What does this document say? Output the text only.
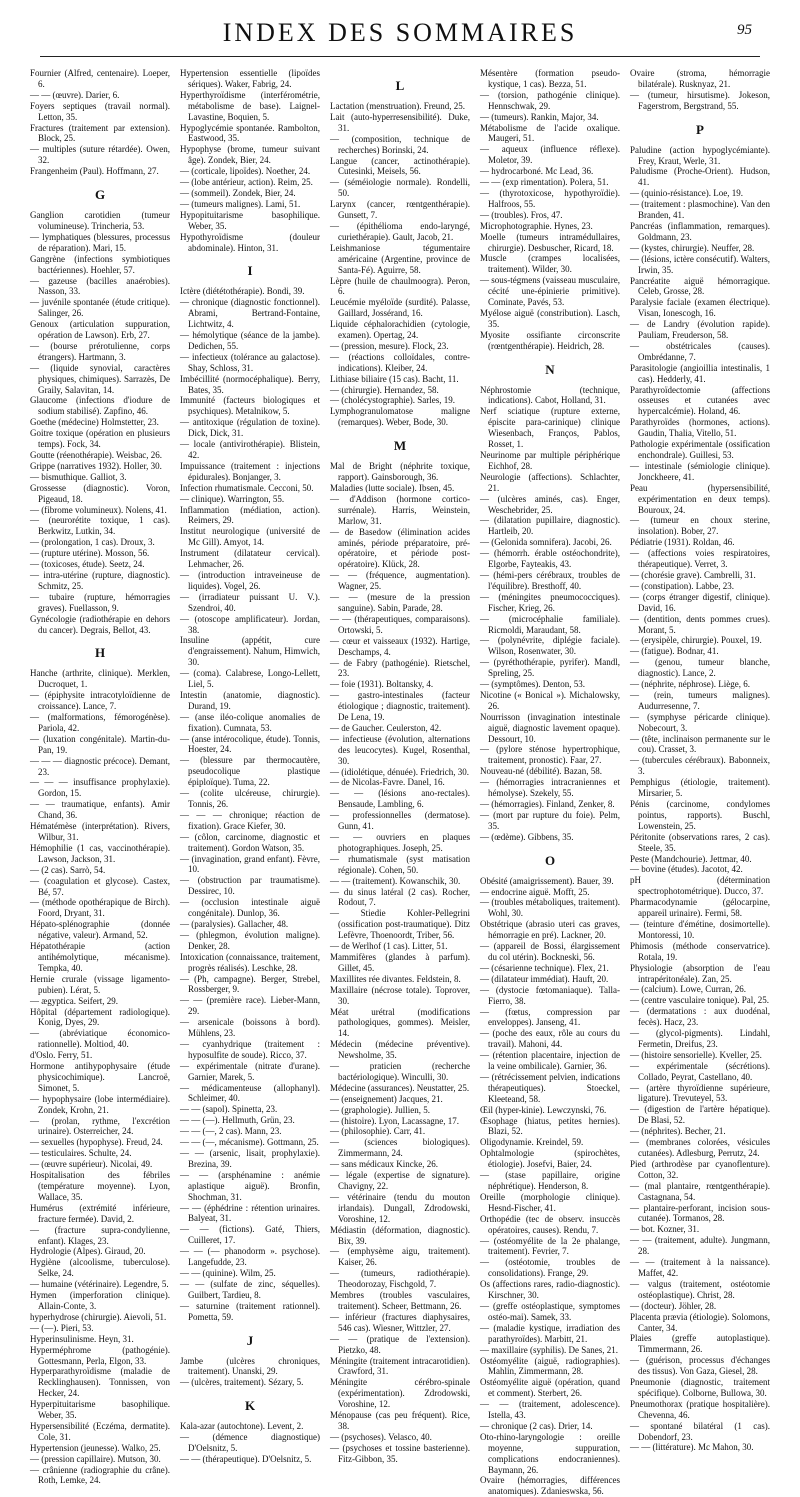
INDEX DES SOMMAIRES	95

Fournier (Alfred, centenaire). Loeper, 6.

— — (œuvre). Darier, 6.

Foyers septiques (travail normal). Letton, 35.

Fractures (traitement par extension). Block, 25.

— multiples (suture rétardée). Owen, 32.

Frangenheim (Paul). Hoffmann, 27.

G

Ganglion carotidien (tumeur volumineuse). Trincheria, 53.

— lymphatiques (blessures, processus de réparation). Mari, 15.

Gangrène (infections symbiotiques bactériennes). Hoehler, 57.

— gazeuse (bacilles anaérobies). Nasson, 33.

— juvénile spontanée (étude critique). Salinger, 26.

Genoux (articulation suppuration, opération de Lawson). Erb, 27.

— (bourse prérotulienne, corps étrangers). Hartmann, 3.

— (liquide synovial, caractères physiques, chimiques). Sarrazès, De Graily, Salavitan, 14.

Glaucome (infections d'iodure de sodium stabilisé). Zapfino, 46.

Goethe (médecine) Holmstetter, 23.

Goitre toxique (opération en plusieurs temps). Fock, 34.

Goutte (réenothérapie). Weisbac, 26.

Grippe (narratives 1932). Holler, 30.

— bismuthique. Galliot, 3.

Grossesse (diagnostic). Voron, Pigeaud, 18.

— (fibrome volumineux). Nolens, 41.

— (neurorétite toxique, 1 cas). Berkwitz, Lutkin, 34.

— (prolongation, 1 cas). Droux, 3.

— (rupture utérine). Mosson, 56.

— (toxicoses, étude). Seetz, 24.

— intra-utérine (rupture, diagnostic). Schmitz, 25.

— tubaire (rupture, hémorragies graves). Fuellasson, 9.

Gynécologie (radiothérapie en dehors du cancer). Degrais, Bellot, 43.

H

Hanche (arthrite, clinique). Merklen, Ducroquet, 1.

— (épiphysite intracotyloïdienne de croissance). Lance, 7.

— (malformations, fémorogénèse). Pariola, 42.

— (luxation congénitale). Martin-du-Pan, 19.

— — — diagnostic précoce). Demant, 23.

— — — insuffisance prophylaxie). Gordon, 15.

— — traumatique, enfants). Amir Chand, 36.

Hématémèse (interprétation). Rivers, Wilbur, 31.

Hémophilie (1 cas, vaccinothérapie). Lawson, Jackson, 31.

— (2 cas). Sarrò, 54.

— (coagulation et glycose). Castex, Bé, 57.

— (méthode opothérapique de Birch). Foord, Dryant, 31.

Hépato-splénographie (donnée négative, valeur). Armand, 52.

Hépatothérapie (action antihémolytique, mécanisme). Tempka, 40.

Hernie crurale (vissage ligamento-pubien). Lérat, 5.

— ægyptica. Seifert, 29.

Hôpital (département radiologique). Konig, Dyes, 29.

— (abréviatique économico-rationnelle). Moltiod, 40.

d'Oslo. Ferry, 51.

Hormone antihypophysaire (étude physicochimique). Lancroë, Simonet, 5.

— hypophysaire (lobe intermédiaire). Zondek, Krohn, 21.

— (prolan, rythme, l'excrétion urinaire). Osterreicher, 24.

— sexuelles (hypophyse). Freud, 24.

— testiculaires. Schulte, 24.

— (œuvre supérieur). Nicolai, 49.

Hospitalisation des fébriles (température moyenne). Lyon, Wallace, 35.

Humérus (extrémité inférieure, fracture fermée). David, 2.

— (fracture supra-condylienne, enfant). Klages, 23.

Hydrologie (Alpes). Giraud, 20.

Hygiène (alcoolisme, tuberculose). Selke, 24.

— humaine (vétérinaire). Legendre, 5.

Hymen (imperforation clinique). Allain-Conte, 3.

hyperhydrose (chirurgie). Aievoli, 51.

— (—). Pieri, 53.

Hyperinsulinisme. Heyn, 31.

Hyperméphrome (pathogénie). Gottesmann, Perla, Elgon, 33.

Hyperparathyroïdisme (maladie de Recklinghausen). Tonnissen, von Hecker, 24.

Hyperpituitarisme basophilique. Weber, 35.

Hypersensibilité (Eczéma, dermatite). Cole, 31.

Hypertension (jeunesse). Walko, 25.

— (pression capillaire). Mutson, 30.

— crânienne (radiographie du crâne). Roth, Lemke, 24.

Hypertension essentielle (lipoïdes sériques). Waker, Fabrig, 24.

Hyperthyroïdisme (interférométrie, métabolisme de base). Laignel-Lavastine, Boquien, 5.

Hypoglycémie spontanée. Rambolton, Eastwood, 35.

Hypophyse (brome, tumeur suivant âge). Zondek, Bier, 24.

— (corticale, lipoïdes). Noether, 24.

— (lobe antérieur, action). Reim, 25.

— (sommeil). Zondek, Bier, 24.

— (tumeurs malignes). Lami, 51.

Hypopituitarisme basophilique. Weber, 35.

Hypothyroïdisme (douleur abdominale). Hinton, 31.

I

Ictère (diététothérapie). Bondi, 39.

— chronique (diagnostic fonctionnel). Abrami, Bertrand-Fontaine, Lichtwitz, 4.

— hémolytique (séance de la jambe). Dedichen, 55.

— infectieux (tolérance au galactose). Shay, Schloss, 31.

Imbécillité (normocéphalique). Berry, Bates, 35.

Immunité (facteurs biologiques et psychiques). Metalnikow, 5.

— antitoxique (régulation de toxine). Dick, Dick, 31.

— locale (antivirothérapie). Blistein, 42.

Impuissance (traitement : injections épidurales). Bonjanger, 3.

Infection rhumatismale. Cecconi, 50.

— clinique). Warrington, 55.

Inflammation (médiation, action). Reimers, 29.

Institut neurologique (université de Mc Gill). Amyot, 14.

Instrument (dilatateur cervical). Lehmacher, 26.

— (introduction intraveineuse de liquides). Vogel, 26.

— (irradiateur puissant U. V.). Szendroi, 40.

— (otoscope amplificateur). Jordan, 38.

Insuline (appétit, cure d'engraissement). Nahum, Himwich, 30.

— (coma). Calabrese, Longo-Lellett, Liel, 5.

Intestin (anatomie, diagnostic). Durand, 19.

— (anse iléo-colique anomalies de fixation). Cumnata, 53.

— (anse intérocolique, étude). Tonnis, Hoester, 24.

— (blessure par thermocautère, pseudocolique plastique épiploïque). Tuma, 22.

— (colite ulcéreuse, chirurgie). Tonnis, 26.

— — — chronique; réaction de fixation). Grace Kiefer, 30.

— (côlon, carcinome, diagnostic et traitement). Gordon Watson, 35.

— (invagination, grand enfant). Fèvre, 10.

— (obstruction par traumatisme). Dessirec, 10.

— (occlusion intestinale aiguë congénitale). Dunlop, 36.

— (paralysies). Gallacher, 48.

— (phlegmon, évolution maligne). Denker, 28.

Intoxication (connaissance, traitement, progrès réalisés). Leschke, 28.

— (Ph, campagne). Berger, Strebel, Rossberger, 9.

— — (première race). Lieber-Mann, 29.

— arsenicale (boissons à bord). Mühlens, 23.

— cyanhydrique (traitement : hyposulfite de soude). Ricco, 37.

— expérimentale (nitrate d'urane). Garnier, Marek, 5.

— médicamenteuse (allophanyl). Schleimer, 40.

— — (sapol). Spinetta, 23.

— — (—). Hellmuth, Grün, 23.

— — (—, 2 cas). Mann, 23.

— — (—, mécanisme). Gottmann, 25.

— — (arsenic, lisait, prophylaxie). Brezina, 39.

— — (arsphénamine : anémie aplastique aiguë). Bronfin, Shochman, 31.

— — (éphédrine : rétention urinaires. Balyeat, 31.

— — (fictions). Gaté, Thiers, Cuilleret, 17.

— — (— phanodorm ». psychose). Langefudde, 23.

— — (quinine). Wilm, 25.

— — (sulfate de zinc, séquelles). Guilbert, Tardieu, 8.

— saturnine (traitement rationnel). Pometta, 59.

J

Jambe (ulcères chroniques, traitement). Unanski, 29.

— (ulcères, traitement). Sézary, 5.

K

Kala-azar (autochtone). Levent, 2.

— (démence diagnostique) D'Oelsnitz, 5.

— — (thérapeutique). D'Oelsnitz, 5.

L

Lactation (menstruation). Freund, 25.

Lait (auto-hyperresensibilité). Duke, 31.

— (composition, technique de recherches) Borinski, 24.

Langue (cancer, actinothérapie). Cutesinki, Meisels, 56.

— (séméiologie normale). Rondelli, 50.

Larynx (cancer, rœntgenthérapie). Gunsett, 7.

— (épithélioma endo-laryngé, curiethérapie). Gault, Jacob, 21.

Leishmaniose tégumentaire américaine (Argentine, province de Santa-Fé). Aguirre, 58.

Lèpre (huile de chaulmoogra). Peron, 6.

Leucémie myéloïde (surdité). Palasse, Gaillard, Jossérand, 16.

Liquide céphalorachidien (cytologie, examen). Opertag, 24.

— (pression, mesure). Flock, 23.

— (réactions colloïdales, contre-indications). Kleiber, 24.

Lithiase biliaire (15 cas). Bacht, 11.

— (chirurgie). Hernandez, 58.

— (cholécystographie). Sarles, 19.

Lymphogranulomatose maligne (remarques). Weber, Bode, 30.

M

Mal de Bright (néphrite toxique, rapport). Gainsborough, 36.

Maladies (lutte sociale). Ibsen, 45.

— d'Addison (hormone cortico-surrénale). Harris, Weinstein, Marlow, 31.

— de Basedow (élimination acides aminés, période préparatoire, pré-opératoire, et période post-opératoire). Klück, 28.

— — (fréquence, augmentation). Wagner, 25.

— — (mesure de la pression sanguine). Sabin, Parade, 28.

— — (thérapeutiques, comparaisons). Ortowski, 5.

— cœur et vaisseaux (1932). Hartige, Deschamps, 4.

— de Fabry (pathogénie). Rietschel, 23.

— foie (1931). Boltansky, 4.

— gastro-intestinales (facteur étiologique ; diagnostic, traitement). De Lena, 19.

— de Gaucher. Ceulerston, 42.

— infectieuse (évolution, alternations des leucocytes). Kugel, Rosenthal, 30.

— (idiolétique, dénuée). Friedrich, 30.

— de Nicolas-Favre. Danel, 16.

— — (lésions ano-rectales). Bensaude, Lambling, 6.

— professionnelles (dermatose). Gunn, 41.

— — ouvriers en plaques photographiques. Joseph, 25.

— rhumatismale (syst matisation régionale). Cohen, 50.

— — (traitement). Kowanschik, 30.

— du sinus latéral (2 cas). Rocher, Rodout, 7.

— Stiedie Kohler-Pellegrini (ossification post-traumatique). Ditz Lefèvre, Thoenoordt, Triber, 56.

— de Werlhof (1 cas). Litter, 51.

Mammifères (glandes à parfum). Gillet, 45.

Maxillites rée divantes. Feldstein, 8.

Maxillaire (nécrose totale). Toprover, 30.

Méat urétral (modifications pathologiques, gommes). Meisler, 14.

Médecin (médecine préventive). Newsholme, 35.

— praticien (recherche bactériologique). Winculli, 30.

Médecine (assurances). Neustatter, 25.

— (enseignement) Jacques, 21.

— (graphologie). Jullien, 5.

— (histoire). Lyon, Lacassagne, 17.

— (philosophie). Carr, 41.

— (sciences biologiques). Zimmermann, 24.

— sans médicaux Kincke, 26.

— légale (expertise de signature). Chavigny, 22.

— vétérinaire (tendu du mouton irlandais). Dungall, Zdrodowski, Voroshine, 12.

Médiastin (déformation, diagnostic). Bix, 39.

— (emphysème aigu, traitement). Kaiser, 26.

— (tumeurs, radiothérapie). Theodorozay, Fischgold, 7.

Membres (troubles vasculaires, traitement). Scheer, Bettmann, 26.

— inférieur (fractures diaphysaires, 546 cas). Wiesner, Wittzler, 27.

— — (pratique de l'extension). Pietzko, 48.

Méningite (traitement intracarotidien). Crawford, 31.

Méningite cérébro-spinale (expérimentation). Zdrodowski, Voroshine, 12.

Ménopause (cas peu fréquent). Rice, 38.

— (psychoses). Velasco, 40.

— (psychoses et tossine basterienne). Fitz-Gibbon, 35.

Mésentère (formation pseudo-kystique, 1 cas). Bezza, 51.

— (torsion, pathogénie clinique). Hennschwak, 29.

— (tumeurs). Rankin, Major, 34.

Métabolisme de l'acide oxalique. Maugeri, 51.

— aqueux (influence réflexe). Moletor, 39.

— hydrocarboné. Mc Lead, 36.

— — (exp rimentation). Polera, 51.

— (thyrotoxicose, hypothyroïdie). Halfroos, 55.

— (troubles). Fros, 47.

Microphotographie. Hynes, 23.

Moelle (tumeurs intramédullaires, chirurgie). Desbuscher, Ricard, 18.

Muscle (crampes localisées, traitement). Wilder, 30.

— sous-tégmens (vaisseau musculaire, cécité une-épinierie primitive). Cominate, Pavés, 53.

Myélose aiguë (constribution). Lasch, 35.

Myosite ossifiante circonscrite (rœntgenthérapie). Heidrich, 28.

N

Néphrostomie (technique, indications). Cabot, Holland, 31.

Nerf sciatique (rupture externe, épiscite para-carinique) clinique Wiesenbach, Franços, Pablos, Rosset, 1.

Neurinome par multiple périphérique Eichhof, 28.

Neurologie (affections). Schlachter, 21.

— (ulcères aminés, cas). Enger, Weschebrider, 25.

— (dilatation pupillaire, diagnostic). Hartleib, 20.

— (Gelonida somnifera). Jacobi, 26.

— (hémorrh. érable ostéochondrite), Elgorbe, Fayteakis, 43.

— (hémi-pers cérébraux, troubles de l'équilibre). Bresthoff, 40.

— (méningites pneumococciques). Fischer, Krieg, 26.

— (microcéphalie familiale). Ricmoldi, Maraudant, 58.

— (polynévrite, diplégie faciale). Wilson, Rosenwater, 30.

— (pyréthothérapie, pyrifer). Mandl, Spreling, 25.

— (symptômes). Denton, 53.

Nicotine (« Bonical »). Michalowsky, 26.

Nourrisson (invagination intestinale aiguë, diagnostic lavement opaque). Dessourt, 10.

— (pylore sténose hypertrophique, traitement, pronostic). Faar, 27.

Nouveau-né (débilité). Bazan, 58.

— (hémorragies intracraniennes et hémolyse). Szekely, 55.

— (hémorragies). Finland, Zenker, 8.

— (mort par rupture du foie). Pelm, 35.

— (œdème). Gibbens, 35.

O

Obésité (amaigrissement). Bauer, 39.

— endocrine aiguë. Mofft, 25.

— (troubles métaboliques, traitement). Wohl, 30.

Obstétrique (abrasio uteri cas graves, hémorragie en pré). Lackner, 20.

— (appareil de Bossi, élargissement du col utérin). Bockneski, 56.

— (césarienne technique). Flex, 21.

— (dilatateur immédiat). Hauft, 20.

— (dystocie fœtomaniaque). Talla-Fierro, 38.

— (fœtus, compression par enveloppes). Janseng, 41.

— (poche des eaux, rôle au cours du travail). Mahoni, 44.

— (rétention placentaire, injection de la veine ombilicale). Garnier, 36.

— (rétrécissement pelvien, indications thérapeutiques). Stoeckel, Kleeteand, 58.

Œil (hyper-kinie). Lewczynski, 76.

Œsophage (hiatus, petites hernies). Blazi, 52.

Oligodynamie. Kreindel, 59.

Ophtalmologie (spirochètes, étiologie). Josefvi, Baier, 24.

— (stase papillaire, origine néphrétique). Henderson, 8.

Oreille (morphologie clinique). Hesnd-Fischer, 41.

Orthopédie (tec de observ. insuccès opératoires, causes). Rendu, 7.

— (ostéomyélite de la 2e phalange, traitement). Fevrier, 7.

— (ostéotomie, troubles de consolidations). Frange, 29.

Os (affections rares, radio-diagnostic). Kirschner, 30.

— (greffe ostéoplastique, symptomes ostéo-mai). Samek, 33.

— (maladie kystique, irradiation des parathyroïdes). Marbitt, 21.

— maxillaire (syphilis). De Sanes, 21.

Ostéomyélite (aiguë, radiographies). Mahlin, Zimmermann, 28.

Ostéomyélite aiguë (opération, quand et comment). Sterbert, 26.

— — (traitement, adolescence). Istella, 43.

— chronique (2 cas). Drier, 14.

Oto-rhino-laryngologie : oreille moyenne, suppuration, complications endocraniennes). Baymann, 26.

Ovaire (hémorragies, différences anatomiques). Zdanieswska, 56.

Ovaire (stroma, hémorragie bilatérale). Rusknyaz, 21.

— (tumeur, hirsutisme). Jokeson, Fagerstrom, Bergstrand, 55.

P

Paludine (action hypoglycémiante). Frey, Kraut, Werle, 31.

Paludisme (Proche-Orient). Hudson, 41.

— (quinio-résistance). Loe, 19.

— (traitement : plasmochine). Van den Branden, 41.

Pancréas (inflammation, remarques). Goldmann, 23.

— (kystes, chirurgie). Neuffer, 28.

— (lésions, ictère consécutif). Walters, Irwin, 35.

Pancréatite aiguë hémorragique. Celeb, Grosse, 28.

Paralysie faciale (examen électrique). Visan, Ionescogh, 16.

— de Landry (évolution rapide). Pauliam, Freuderson, 58.

— obstétricales (causes). Ombrédanne, 7.

Parasitologie (angioillia intestinalis, 1 cas). Hedderly, 41.

Parathyroïdectomie (affections osseuses et cutanées avec hypercalcémie). Holand, 46.

Parathyroïdes (hormones, actions). Gaudin, Thalia, Vitello, 51.

Pathologie expérimentale (ossification enchondrale). Guillesi, 53.

— intestinale (sémiologie clinique). Jonckheere, 41.

Peau (hypersensibilité, expérimentation en deux temps). Bouroux, 24.

— (tumeur en choux sterine, insolation). Bober, 27.

Pédiatrie (1931). Roldan, 46.

— (affections voies respiratoires, thérapeutique). Verret, 3.

— (chorésie grave). Cambrelli, 31.

— (constipation). Labbe, 23.

— (corps étranger digestif, clinique). David, 16.

— (dentition, dents pommes crues). Morant, 5.

— (erysipèle, chirurgie). Pouxel, 19.

— (fatigue). Bodnar, 41.

— (genou, tumeur blanche, diagnostic). Lance, 2.

— (néphrite, néphrose). Liège, 6.

— (rein, tumeurs malignes). Audurresenne, 7.

— (symphyse péricarde clinique). Nobecourt, 3.

— (tête, inclinaison permanente sur le cou). Crasset, 3.

— (tubercules cérébraux). Babonneix, 3.

Pemphigus (étiologie, traitement). Mirsarier, 5.

Pénis (carcinome, condylomes pointus, rapports). Buschl, Lowenstein, 25.

Péritonite (observations rares, 2 cas). Steele, 35.

Peste (Mandchourie). Jettmar, 40.

— bovine (études). Jacotot, 42.

pH (détermination spectrophotométrique). Ducco, 37.

Pharmacodynamie (gélocarpine, appareil urinaire). Fermi, 58.

— (teinture d'émétine, dosimortelle). Montoressi, 10.

Phimosis (méthode conservatrice). Rotala, 19.

Physiologie (absorption de l'eau intrapéritonéale). Zan, 25.

— (calcium). Lowe, Curran, 26.

— (centre vasculaire tonique). Pal, 25.

— (dermatations : aux duodénal, fecès). Hacz, 23.

— (glycol-pigments). Lindahl, Fermetin, Dreifus, 23.

— (histoire sensorielle). Kveller, 25.

— expérimentale (sécrétions). Collado, Peyrat, Castellano, 40.

— (artère thyroïdienne supérieure, ligature). Trevuteyel, 53.

— (digestion de l'artère hépatique). De Blasi, 52.

— (néphrites). Becher, 21.

— (membranes colorées, vésicules cutanées). Adlesburg, Perrutz, 24.

Pied (arthrodèse par cyanoflenture). Cotton, 32.

— (mal plantaire, rœntgenthérapie). Castagnana, 54.

— plantaire-perforant, incision sous-cutanée). Tormanos, 28.

— bot. Kozner, 31.

— — (traitement, adulte). Jungmann, 28.

— — (traitement à la naissance). Maffet, 42.

— valgus (traitement, ostéotomie ostéoplastique). Christ, 28.

— (docteur). Jöhler, 28.

Placenta prævia (étiologie). Solomons, Canter, 34.

Plaies (greffe autoplastique). Timmermann, 26.

— (guérison, processus d'échanges des tissus). Von Gaza, Giesel, 28.

Pneumonie (diagnostic, traitement spécifique). Colborne, Bullowa, 30.

Pneumothorax (pratique hospitalière). Chevenna, 46.

— spontané bilatéral (1 cas). Dobendorf, 23.

— — (littérature). Mc Mahon, 30.
